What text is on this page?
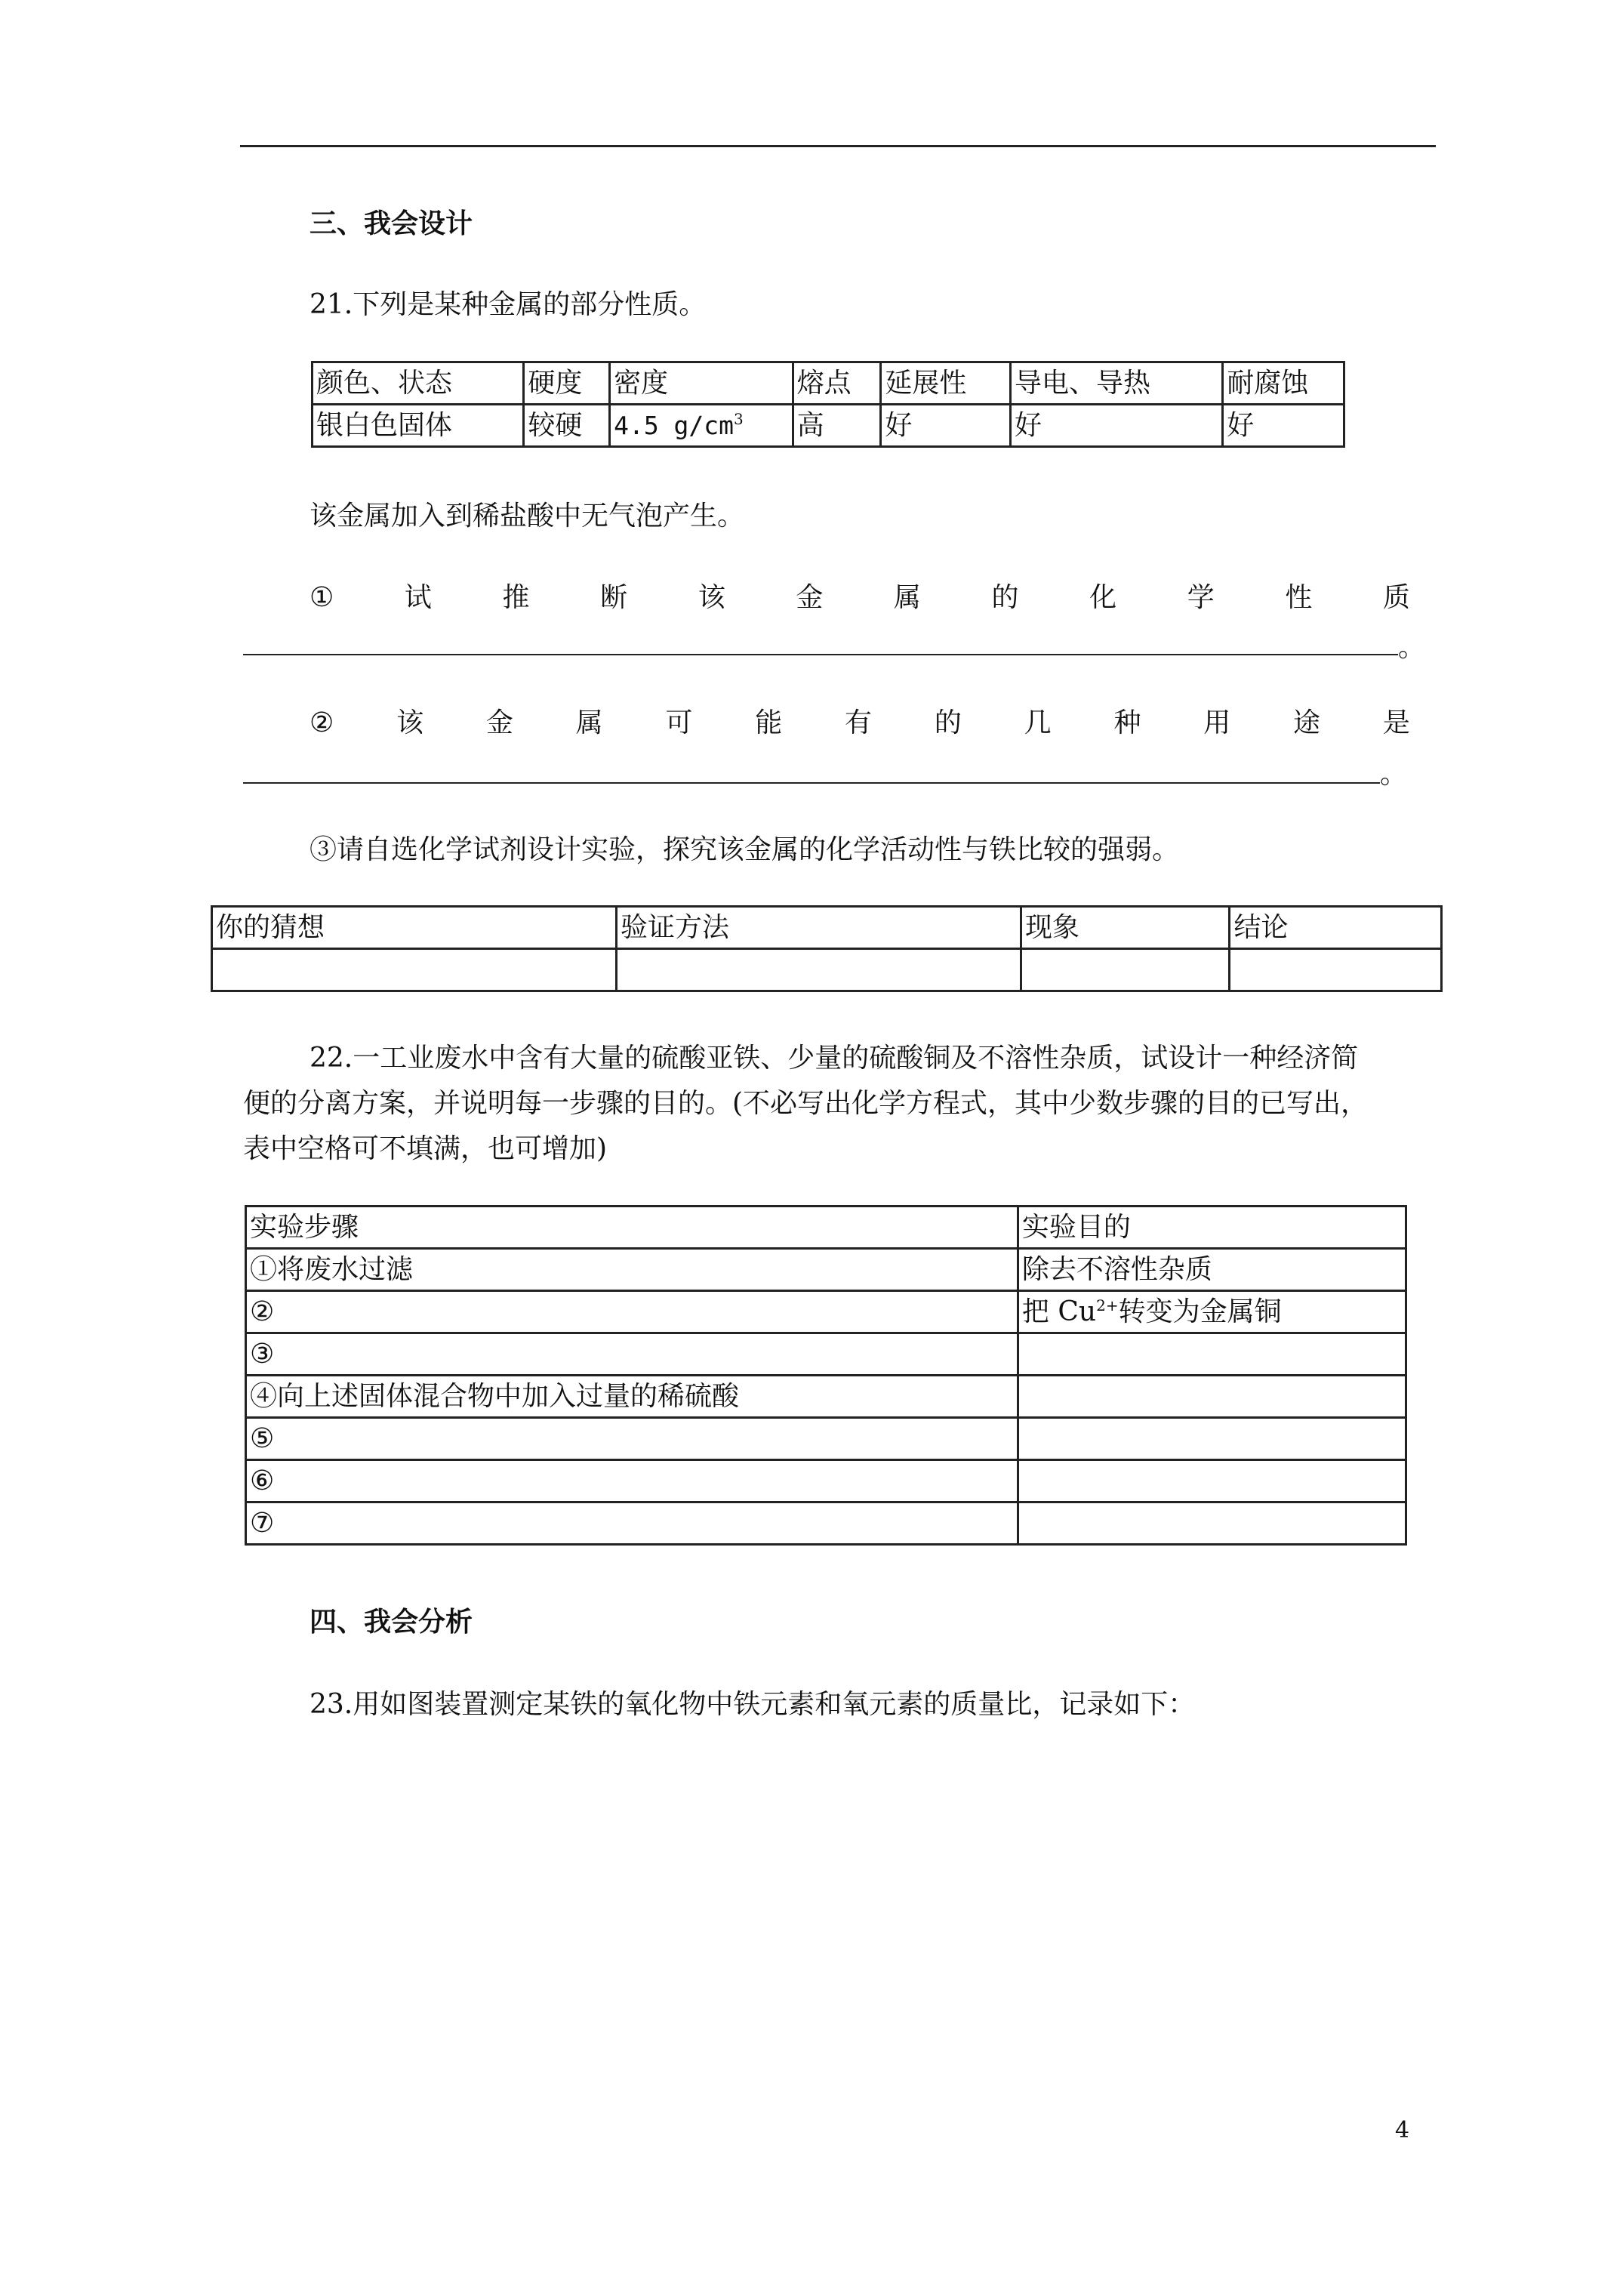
三、我会设计
21.下列是某种金属的部分性质。
颜色、状态	硬度	密度	熔点	延展性	导电、导热	耐腐蚀
银白色固体	较硬	4.5 $g/cm^3$	高	好	好	好
该金属加入到稀盐酸中无气泡产生。
①	试	推	断	该	金	属	的	化	学	性	质
。
② 该 金 属 可 能 有 的 几 种 用 途 是
。
③请自选化学试剂设计实验，探究该金属的化学活动性与铁比较的强弱。
你的猜想	验证方法	现象	结论

22.一工业废水中含有大量的硫酸亚铁、少量的硫酸铜及不溶性杂质，试设计一种经济简
便的分离方案，并说明每一步骤的目的。(不必写出化学方程式，其中少数步骤的目的已写出，
表中空格可不填满，也可增加)
实验步骤	实验目的
①将废水过滤	除去不溶性杂质
②	把 $Cu^{2+}$转变为金属铜
③	
④向上述固体混合物中加入过量的稀硫酸	
⑤	
⑥	
⑦	
四、我会分析
23.用如图装置测定某铁的氧化物中铁元素和氧元素的质量比，记录如下：
4
